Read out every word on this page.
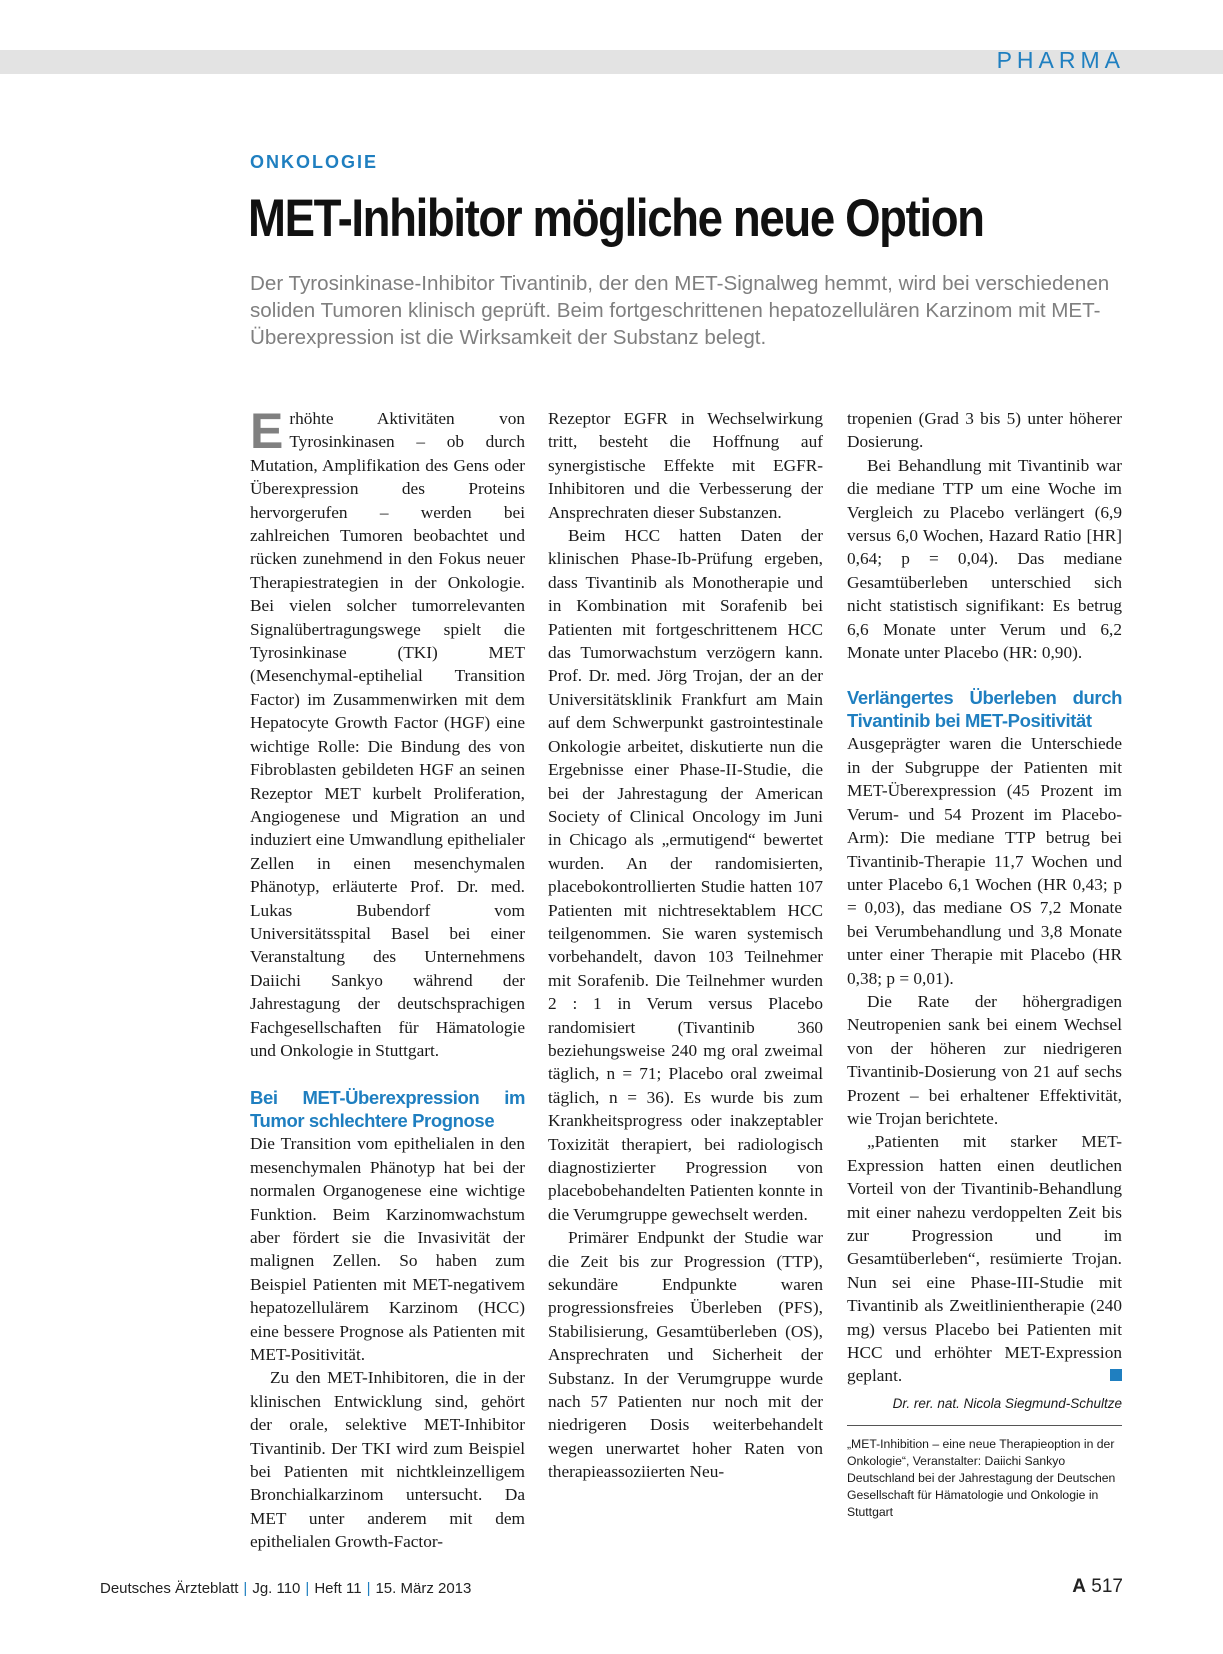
PHARMA
ONKOLOGIE
MET-Inhibitor mögliche neue Option
Der Tyrosinkinase-Inhibitor Tivantinib, der den MET-Signalweg hemmt, wird bei verschiedenen soliden Tumoren klinisch geprüft. Beim fortgeschrittenen hepatozellulären Karzinom mit MET-Überexpression ist die Wirksamkeit der Substanz belegt.

Erhöhte Aktivitäten von Tyrosinkinasen – ob durch Mutation, Amplifikation des Gens oder Überexpression des Proteins hervorgerufen – werden bei zahlreichen Tumoren beobachtet und rücken zunehmend in den Fokus neuer Therapiestrategien in der Onkologie. Bei vielen solcher tumorrelevanten Signalübertragungswege spielt die Tyrosinkinase (TKI) MET (Mesenchymal-eptihelial Transition Factor) im Zusammenwirken mit dem Hepatocyte Growth Factor (HGF) eine wichtige Rolle: Die Bindung des von Fibroblasten gebildeten HGF an seinen Rezeptor MET kurbelt Proliferation, Angiogenese und Migration an und induziert eine Umwandlung epithelialer Zellen in einen mesenchymalen Phänotyp, erläuterte Prof. Dr. med. Lukas Bubendorf vom Universitätsspital Basel bei einer Veranstaltung des Unternehmens Daiichi Sankyo während der Jahrestagung der deutschsprachigen Fachgesellschaften für Hämatologie und Onkologie in Stuttgart.

Bei MET-Überexpression im Tumor schlechtere Prognose

Die Transition vom epithelialen in den mesenchymalen Phänotyp hat bei der normalen Organogenese eine wichtige Funktion. Beim Karzinomwachstum aber fördert sie die Invasivität der malignen Zellen. So haben zum Beispiel Patienten mit MET-negativem hepatozellulärem Karzinom (HCC) eine bessere Prognose als Patienten mit MET-Positivität.

Zu den MET-Inhibitoren, die in der klinischen Entwicklung sind, gehört der orale, selektive MET-Inhibitor Tivantinib. Der TKI wird zum Beispiel bei Patienten mit nichtkleinzelligem Bronchialkarzinom untersucht. Da MET unter anderem mit dem epithelialen Growth-Factor-

Rezeptor EGFR in Wechselwirkung tritt, besteht die Hoffnung auf synergistische Effekte mit EGFR-Inhibitoren und die Verbesserung der Ansprechraten dieser Substanzen.

Beim HCC hatten Daten der klinischen Phase-Ib-Prüfung ergeben, dass Tivantinib als Monotherapie und in Kombination mit Sorafenib bei Patienten mit fortgeschrittenem HCC das Tumorwachstum verzögern kann. Prof. Dr. med. Jörg Trojan, der an der Universitätsklinik Frankfurt am Main auf dem Schwerpunkt gastrointestinale Onkologie arbeitet, diskutierte nun die Ergebnisse einer Phase-II-Studie, die bei der Jahrestagung der American Society of Clinical Oncology im Juni in Chicago als „ermutigend“ bewertet wurden. An der randomisierten, placebokontrollierten Studie hatten 107 Patienten mit nichtresektablem HCC teilgenommen. Sie waren systemisch vorbehandelt, davon 103 Teilnehmer mit Sorafenib. Die Teilnehmer wurden 2 : 1 in Verum versus Placebo randomisiert (Tivantinib 360 beziehungsweise 240 mg oral zweimal täglich, n = 71; Placebo oral zweimal täglich, n = 36). Es wurde bis zum Krankheitsprogress oder inakzeptabler Toxizität therapiert, bei radiologisch diagnostizierter Progression von placebobehandelten Patienten konnte in die Verumgruppe gewechselt werden.

Primärer Endpunkt der Studie war die Zeit bis zur Progression (TTP), sekundäre Endpunkte waren progressionsfreies Überleben (PFS), Stabilisierung, Gesamtüberleben (OS), Ansprechraten und Sicherheit der Substanz. In der Verumgruppe wurde nach 57 Patienten nur noch mit der niedrigeren Dosis weiterbehandelt wegen unerwartet hoher Raten von therapieassoziierten Neu-

tropenien (Grad 3 bis 5) unter höherer Dosierung.

Bei Behandlung mit Tivantinib war die mediane TTP um eine Woche im Vergleich zu Placebo verlängert (6,9 versus 6,0 Wochen, Hazard Ratio [HR] 0,64; p = 0,04). Das mediane Gesamtüberleben unterschied sich nicht statistisch signifikant: Es betrug 6,6 Monate unter Verum und 6,2 Monate unter Placebo (HR: 0,90).

Verlängertes Überleben durch Tivantinib bei MET-Positivität

Ausgeprägter waren die Unterschiede in der Subgruppe der Patienten mit MET-Überexpression (45 Prozent im Verum- und 54 Prozent im Placebo-Arm): Die mediane TTP betrug bei Tivantinib-Therapie 11,7 Wochen und unter Placebo 6,1 Wochen (HR 0,43; p = 0,03), das mediane OS 7,2 Monate bei Verumbehandlung und 3,8 Monate unter einer Therapie mit Placebo (HR 0,38; p = 0,01).

Die Rate der höhergradigen Neutropenien sank bei einem Wechsel von der höheren zur niedrigeren Tivantinib-Dosierung von 21 auf sechs Prozent – bei erhaltener Effektivität, wie Trojan berichtete.

„Patienten mit starker MET-Expression hatten einen deutlichen Vorteil von der Tivantinib-Behandlung mit einer nahezu verdoppelten Zeit bis zur Progression und im Gesamtüberleben“, resümierte Trojan. Nun sei eine Phase-III-Studie mit Tivantinib als Zweitlinientherapie (240 mg) versus Placebo bei Patienten mit HCC und erhöhter MET-Expression geplant.

Dr. rer. nat. Nicola Siegmund-Schultze
„MET-Inhibition – eine neue Therapieoption in der Onkologie“, Veranstalter: Daiichi Sankyo Deutschland bei der Jahrestagung der Deutschen Gesellschaft für Hämatologie und Onkologie in Stuttgart
Deutsches Ärzteblatt | Jg. 110 | Heft 11 | 15. März 2013	A 517
